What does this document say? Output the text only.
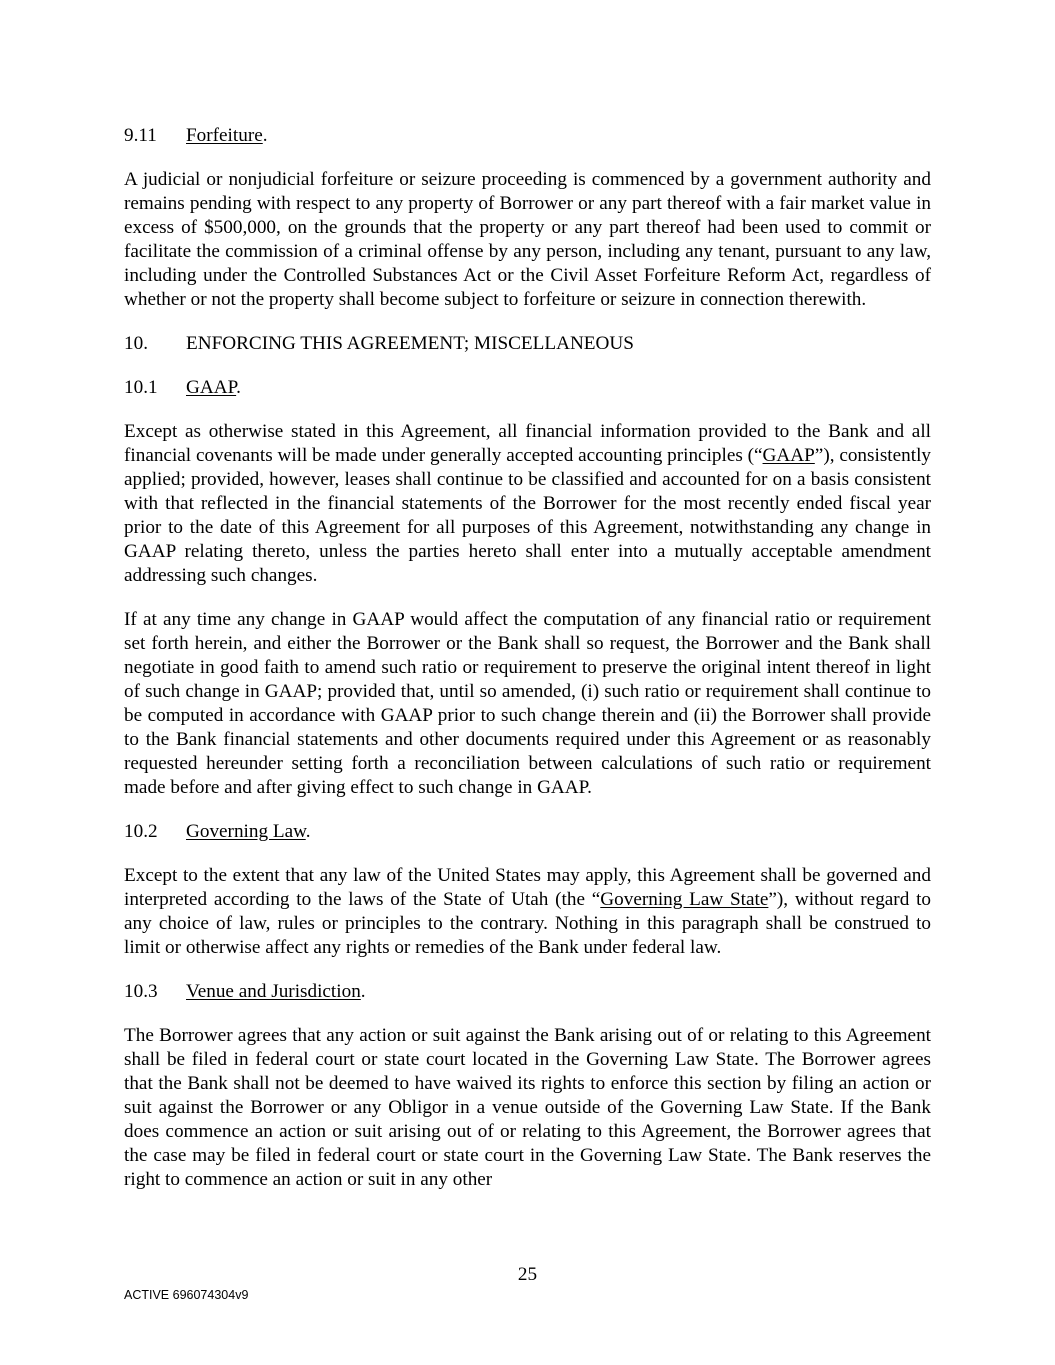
9.11 Forfeiture.

A judicial or nonjudicial forfeiture or seizure proceeding is commenced by a government authority and remains pending with respect to any property of Borrower or any part thereof with a fair market value in excess of $500,000, on the grounds that the property or any part thereof had been used to commit or facilitate the commission of a criminal offense by any person, including any tenant, pursuant to any law, including under the Controlled Substances Act or the Civil Asset Forfeiture Reform Act, regardless of whether or not the property shall become subject to forfeiture or seizure in connection therewith.

10. ENFORCING THIS AGREEMENT; MISCELLANEOUS
10.1 GAAP.

Except as otherwise stated in this Agreement, all financial information provided to the Bank and all financial covenants will be made under generally accepted accounting principles (“GAAP”), consistently applied; provided, however, leases shall continue to be classified and accounted for on a basis consistent with that reflected in the financial statements of the Borrower for the most recently ended fiscal year prior to the date of this Agreement for all purposes of this Agreement, notwithstanding any change in GAAP relating thereto, unless the parties hereto shall enter into a mutually acceptable amendment addressing such changes.

If at any time any change in GAAP would affect the computation of any financial ratio or requirement set forth herein, and either the Borrower or the Bank shall so request, the Borrower and the Bank shall negotiate in good faith to amend such ratio or requirement to preserve the original intent thereof in light of such change in GAAP; provided that, until so amended, (i) such ratio or requirement shall continue to be computed in accordance with GAAP prior to such change therein and (ii) the Borrower shall provide to the Bank financial statements and other documents required under this Agreement or as reasonably requested hereunder setting forth a reconciliation between calculations of such ratio or requirement made before and after giving effect to such change in GAAP.

10.2 Governing Law.

Except to the extent that any law of the United States may apply, this Agreement shall be governed and interpreted according to the laws of the State of Utah (the “Governing Law State”), without regard to any choice of law, rules or principles to the contrary. Nothing in this paragraph shall be construed to limit or otherwise affect any rights or remedies of the Bank under federal law.

10.3 Venue and Jurisdiction.

The Borrower agrees that any action or suit against the Bank arising out of or relating to this Agreement shall be filed in federal court or state court located in the Governing Law State. The Borrower agrees that the Bank shall not be deemed to have waived its rights to enforce this section by filing an action or suit against the Borrower or any Obligor in a venue outside of the Governing Law State. If the Bank does commence an action or suit arising out of or relating to this Agreement, the Borrower agrees that the case may be filed in federal court or state court in the Governing Law State. The Bank reserves the right to commence an action or suit in any other

25
ACTIVE 696074304v9
